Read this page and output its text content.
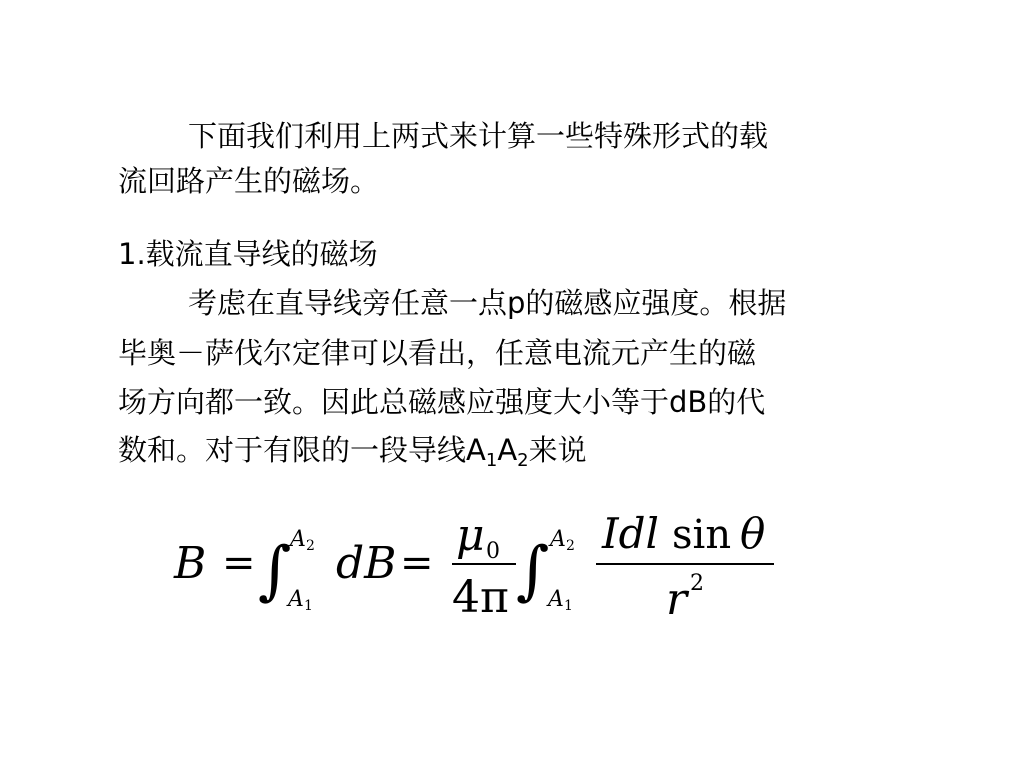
下面我们利用上两式来计算一些特殊形式的载
流回路产生的磁场。
1.载流直导线的磁场
考虑在直导线旁任意一点p的磁感应强度。根据
毕奥－萨伐尔定律可以看出，任意电流元产生的磁
场方向都一致。因此总磁感应强度大小等于dB的代
数和。对于有限的一段导线$A_1A_2$来说
B = ∫
A 2
A 1
dB =
μ 0
4π ∫ A 2
A 1
Idl sin θ
r 2
